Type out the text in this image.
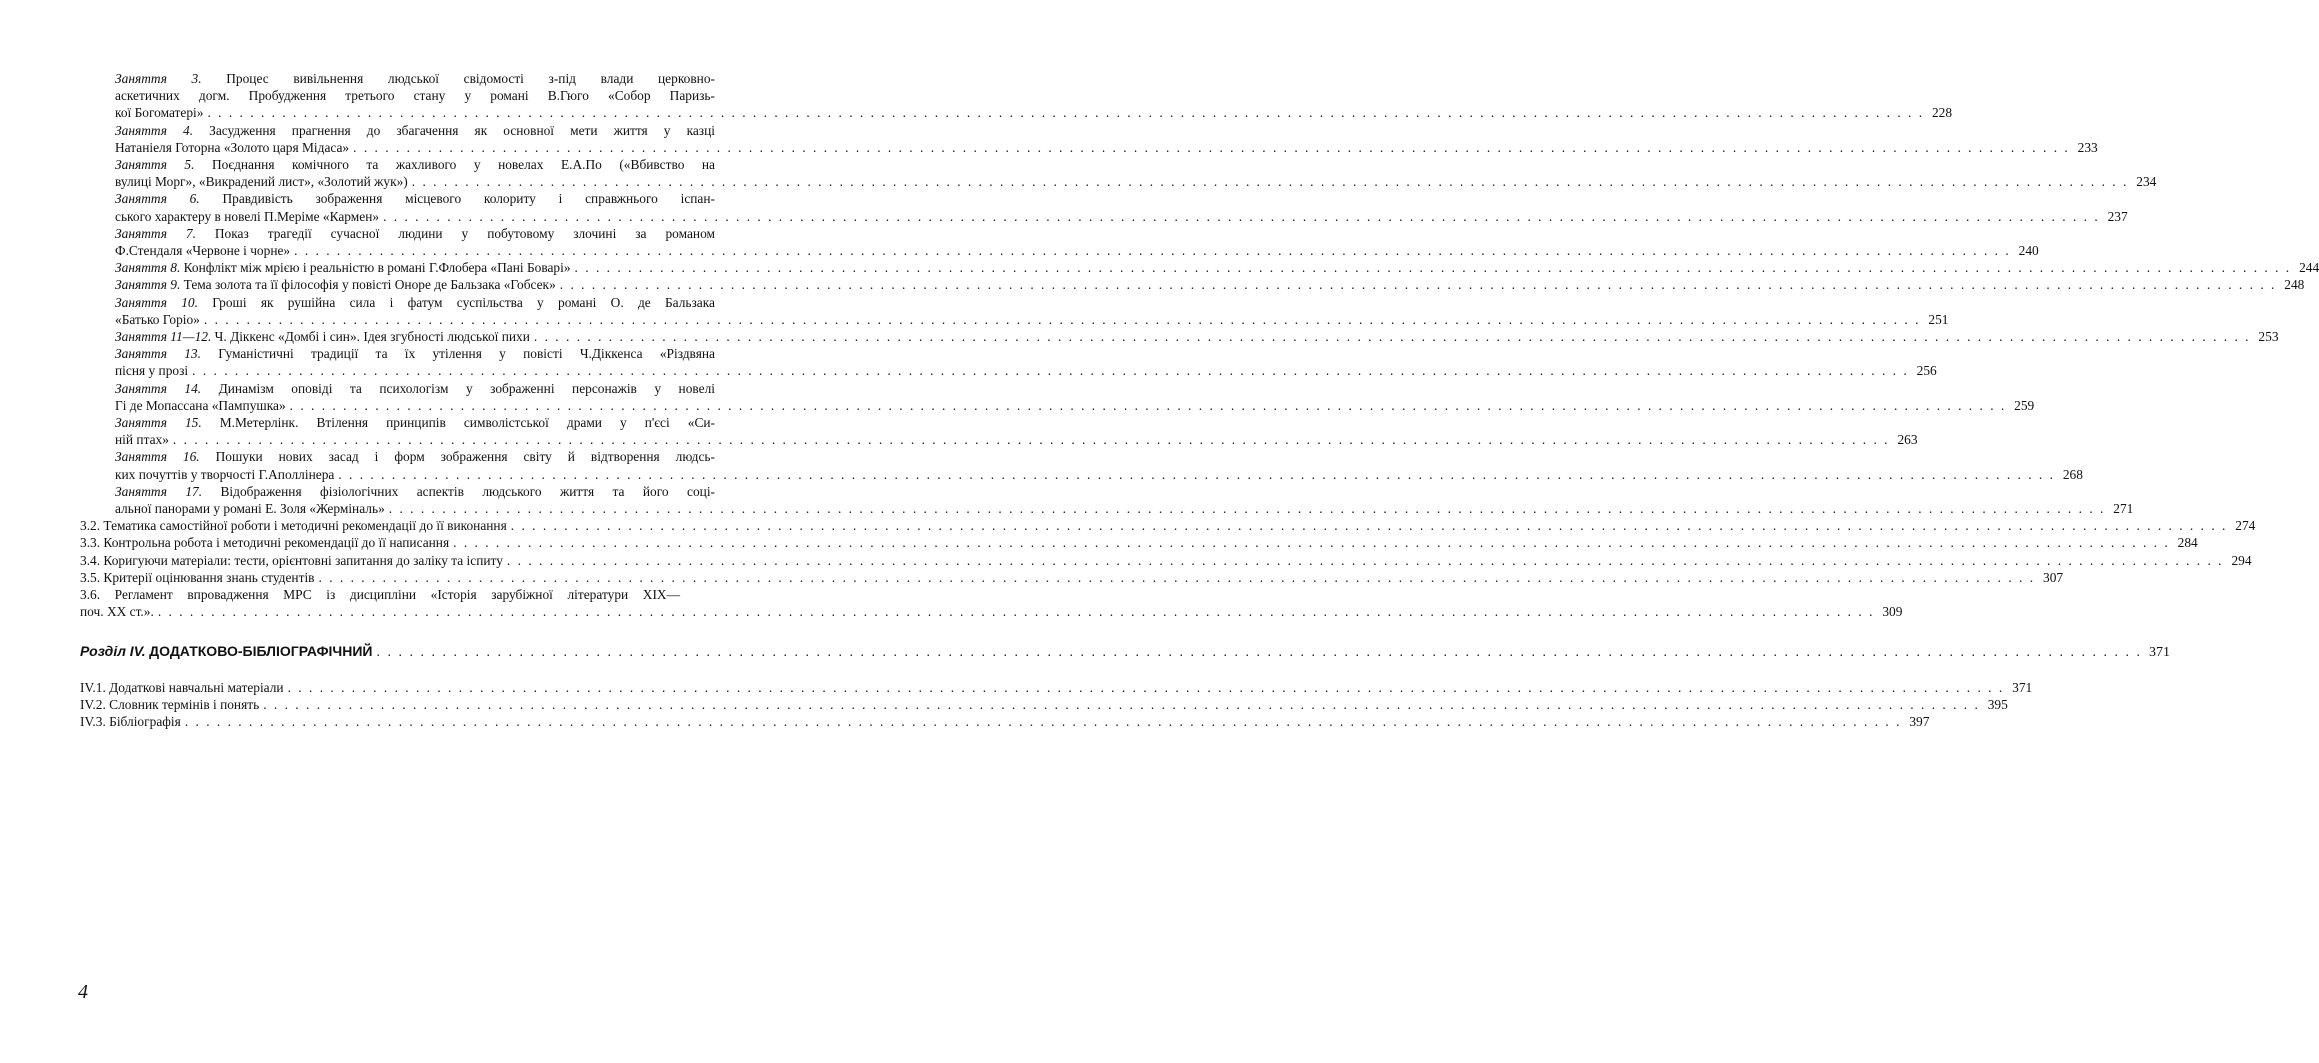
Заняття 3. Процес вивільнення людської свідомості з-під влади церковно-
аскетичних догм. Пробудження третього стану у романі В.Гюго «Собор Паризь-
кої Богоматері» . . .	228
Заняття 4. Засудження прагнення до збагачення як основної мети життя у казці
Натаніеля Готорна «Золото царя Мідаса» . . .	233
Заняття 5. Поєднання комічного та жахливого у новелах Е.А.По («Вбивство на
вулиці Морг», «Викрадений лист», «Золотий жук») . . .	234
Заняття 6. Правдивість зображення місцевого колориту і справжнього іспан-
ського характеру в новелі П.Меріме «Кармен» . . .	237
Заняття 7. Показ трагедії сучасної людини у побутовому злочині за романом
Ф.Стендаля «Червоне і чорне» . . .	240
Заняття 8. Конфлікт між мрією і реальністю в романі Г.Флобера «Пані Боварі» . . .	244
Заняття 9. Тема золота та її філософія у повісті Оноре де Бальзака «Гобсек» . . .	248
Заняття 10. Гроші як рушійна сила і фатум суспільства у романі О. де Бальзака
«Батько Горіо» . . .	251
Заняття 11—12. Ч. Діккенс «Домбі і син». Ідея згубності людської пихи . . .	253
Заняття 13. Гуманістичні традиції та їх утілення у повісті Ч.Діккенса «Різдвяна
пісня у прозі . . .	256
Заняття 14. Динамізм оповіді та психологізм у зображенні персонажів у новелі
Гі де Мопассана «Пампушка» . . .	259
Заняття 15. М.Метерлінк. Втілення принципів символістської драми у п'єсі «Си-
ній птах» . . .	263
Заняття 16. Пошуки нових засад і форм зображення світу й відтворення людсь-
ких почуттів у творчості Г.Аполлінера . . .	268
Заняття 17. Відображення фізіологічних аспектів людського життя та його соці-
альної панорами у романі Е. Золя «Жерміналь» . . .	271
3.2. Тематика самостійної роботи і методичні рекомендації до її виконання . . .	274
3.3. Контрольна робота і методичні рекомендації до її написання . . .	284
3.4. Коригуючи матеріали: тести, орієнтовні запитання до заліку та іспиту . . .	294
3.5. Критерії оцінювання знань студентів . . .	307
3.6. Регламент впровадження МРС із дисципліни «Історія зарубіжної літератури XIX—
поч. XX ст.». . . .	309
Розділ IV. ДОДАТКОВО-БІБЛІОГРАФІЧНИЙ . . .	371
IV.1. Додаткові навчальні матеріали . . .	371
IV.2. Словник термінів і понять . . .	395
IV.3. Бібліографія . . .	397
4
